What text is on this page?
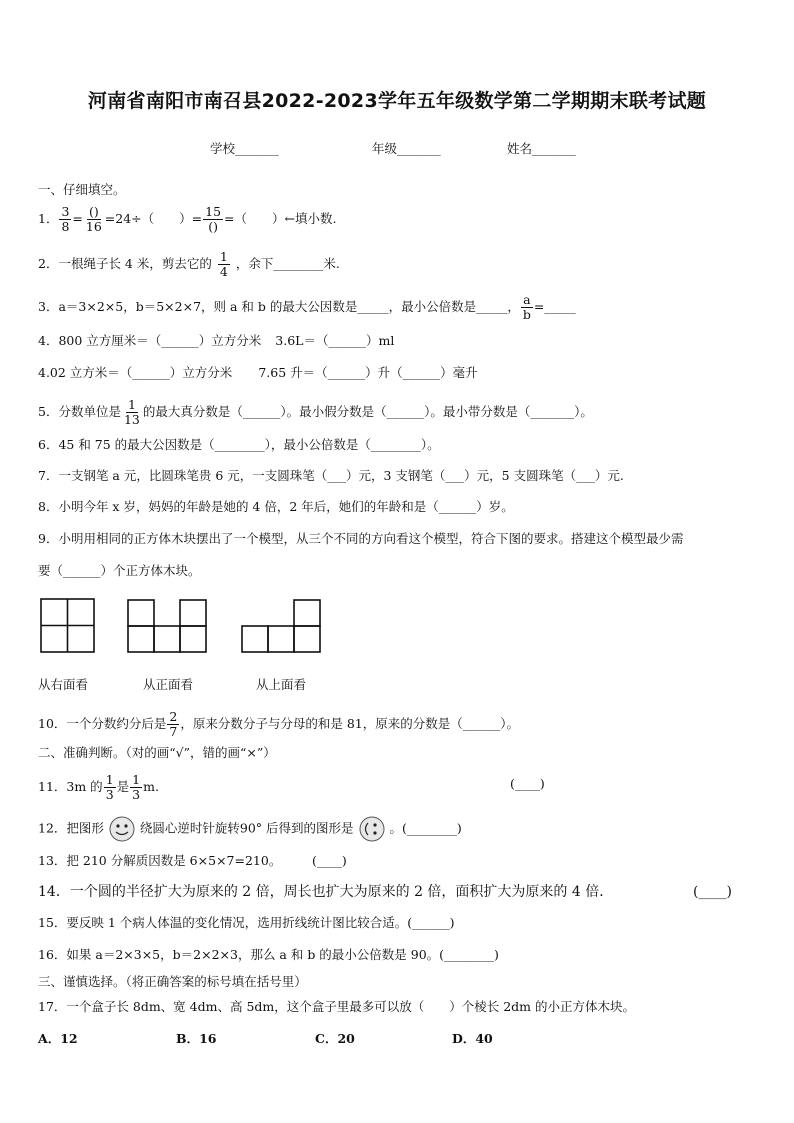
河南省南阳市南召县2022-2023学年五年级数学第二学期期末联考试题
学校_______	年级_______	姓名_______
一、仔细填空。
1． $\frac{3}{8} = \frac{()}{16} =24\div$（　　）= $\frac{15}{()}$ =（　　）←填小数.
2．一根绳子长 4 米，剪去它的 $\frac{1}{4}$ ，余下________米.
3．a＝3×2×5，b＝5×2×7，则 a 和 b 的最大公因数是_____，最小公倍数是_____， $\frac{a}{b}$ =_____
4．800 立方厘米＝（______）立方分米 3.6L＝（______）ml
4.02 立方米＝（______）立方分米 7.65 升＝（______）升（______）毫升
5．分数单位是 $\frac{1}{13}$ 的最大真分数是（______）。最小假分数是（______）。最小带分数是（_______）。
6．45 和 75 的最大公因数是（________），最小公倍数是（________）。
7．一支钢笔 a 元，比圆珠笔贵 6 元，一支圆珠笔（___）元，3 支钢笔（___）元，5 支圆珠笔（___）元.
8．小明今年 x 岁，妈妈的年龄是她的 4 倍，2 年后，她们的年龄和是（______）岁。
9．小明用相同的正方体木块摆出了一个模型，从三个不同的方向看这个模型，符合下图的要求。搭建这个模型最少需
要（______）个正方体木块。
从右面看	从正面看	从上面看
10．一个分数约分后是 $\frac{2}{7}$ ，原来分数分子与分母的和是 81，原来的分数是（______）。
二、准确判断。（对的画“√”，错的画“×”）
11．3m 的 $\frac{1}{3}$ 是 $\frac{1}{3} m$.	(____)
12．把图形	绕圆心逆时针旋转90° 后得到的图形是	。(________)
13．把 210 分解质因数是 6×5×7=210。 (____)
14．一个圆的半径扩大为原来的 2 倍，周长也扩大为原来的 2 倍，面积扩大为原来的 4 倍．	(____)
15．要反映 1 个病人体温的变化情况，选用折线统计图比较合适。(______)
16．如果 a＝2×3×5，b＝2×2×3，那么 a 和 b 的最小公倍数是 90。(________)
三、谨慎选择。（将正确答案的标号填在括号里）
17．一个盒子长 8dm、宽 4dm、高 5dm，这个盒子里最多可以放（　　）个棱长 2dm 的小正方体木块。
A．12	B．16	C．20	D．40
